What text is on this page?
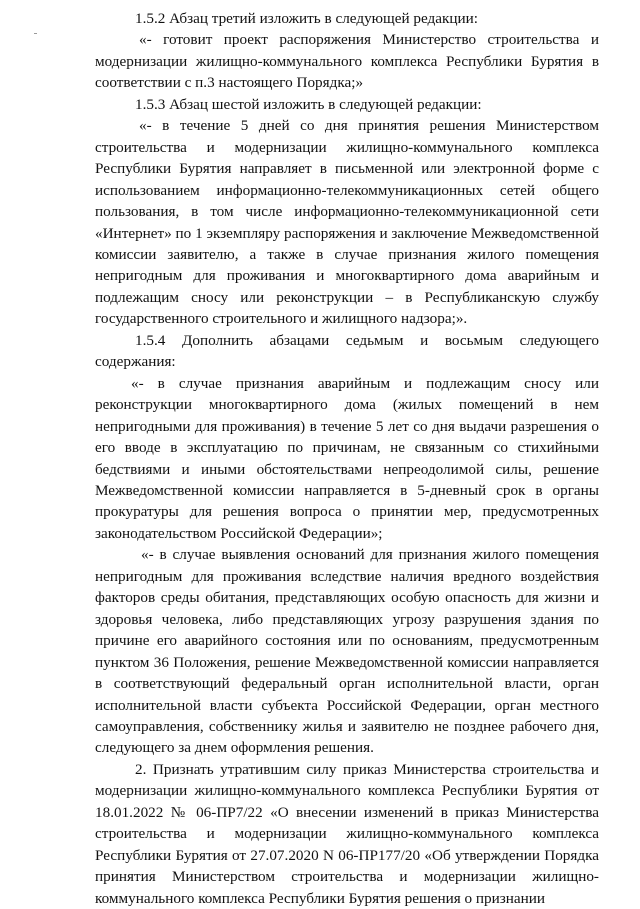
1.5.2 Абзац третий изложить в следующей редакции:

«- готовит проект распоряжения Министерство строительства и модернизации жилищно-коммунального комплекса Республики Бурятия в соответствии с п.3 настоящего Порядка;»

1.5.3 Абзац шестой изложить в следующей редакции:

«- в течение 5 дней со дня принятия решения Министерством строительства и модернизации жилищно-коммунального комплекса Республики Бурятия направляет в письменной или электронной форме с использованием информационно-телекоммуникационных сетей общего пользования, в том числе информационно-телекоммуникационной сети «Интернет» по 1 экземпляру распоряжения и заключение Межведомственной комиссии заявителю, а также в случае признания жилого помещения непригодным для проживания и многоквартирного дома аварийным и подлежащим сносу или реконструкции – в Республиканскую службу государственного строительного и жилищного надзора;».

1.5.4 Дополнить абзацами седьмым и восьмым следующего содержания:

«- в случае признания аварийным и подлежащим сносу или реконструкции многоквартирного дома (жилых помещений в нем непригодными для проживания) в течение 5 лет со дня выдачи разрешения о его вводе в эксплуатацию по причинам, не связанным со стихийными бедствиями и иными обстоятельствами непреодолимой силы, решение Межведомственной комиссии направляется в 5-дневный срок в органы прокуратуры для решения вопроса о принятии мер, предусмотренных законодательством Российской Федерации»;

«- в случае выявления оснований для признания жилого помещения непригодным для проживания вследствие наличия вредного воздействия факторов среды обитания, представляющих особую опасность для жизни и здоровья человека, либо представляющих угрозу разрушения здания по причине его аварийного состояния или по основаниям, предусмотренным пунктом 36 Положения, решение Межведомственной комиссии направляется в соответствующий федеральный орган исполнительной власти, орган исполнительной власти субъекта Российской Федерации, орган местного самоуправления, собственнику жилья и заявителю не позднее рабочего дня, следующего за днем оформления решения.

2. Признать утратившим силу приказ Министерства строительства и модернизации жилищно-коммунального комплекса Республики Бурятия от 18.01.2022 № 06-ПР7/22 «О внесении изменений в приказ Министерства строительства и модернизации жилищно-коммунального комплекса Республики Бурятия от 27.07.2020 N 06-ПР177/20 «Об утверждении Порядка принятия Министерством строительства и модернизации жилищно-коммунального комплекса Республики Бурятия решения о признании
